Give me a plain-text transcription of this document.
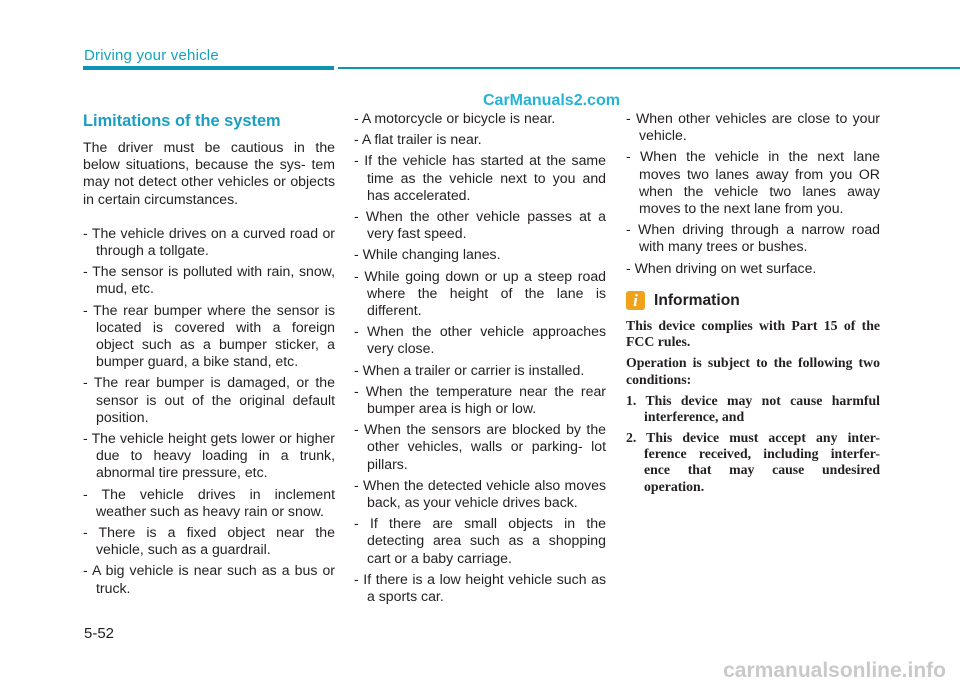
Driving your vehicle
CarManuals2.com
Limitations of the system
The driver must be cautious in the below situations, because the sys- tem may not detect other vehicles or objects in certain circumstances.
- The vehicle drives on a curved road or through a tollgate.
- The sensor is polluted with rain, snow, mud, etc.
- The rear bumper where the sensor is located is covered with a foreign object such as a bumper sticker, a bumper guard, a bike stand, etc.
- The rear bumper is damaged, or the sensor is out of the original default position.
- The vehicle height gets lower or higher due to heavy loading in a trunk, abnormal tire pressure, etc.
- The vehicle drives in inclement weather such as heavy rain or snow.
- There is a fixed object near the vehicle, such as a guardrail.
- A big vehicle is near such as a bus or truck.
- A motorcycle or bicycle is near.
- A flat trailer is near.
- If the vehicle has started at the same time as the vehicle next to you and has accelerated.
- When the other vehicle passes at a very fast speed.
- While changing lanes.
- While going down or up a steep road where the height of the lane is different.
- When the other vehicle approaches very close.
- When a trailer or carrier is installed.
- When the temperature near the rear bumper area is high or low.
- When the sensors are blocked by the other vehicles, walls or parking- lot pillars.
- When the detected vehicle also moves back, as your vehicle drives back.
- If there are small objects in the detecting area such as a shopping cart or a baby carriage.
- If there is a low height vehicle such as a sports car.
- When other vehicles are close to your vehicle.
- When the vehicle in the next lane moves two lanes away from you OR when the vehicle two lanes away moves to the next lane from you.
- When driving through a narrow road with many trees or bushes.
- When driving on wet surface.
i	Information

This device complies with Part 15 of the FCC rules.

Operation is subject to the following two conditions:

1. This device may not cause harmful interference, and
2. This device must accept any inter- ference received, including interfer- ence that may cause undesired operation.
5-52
carmanualsonline.info
